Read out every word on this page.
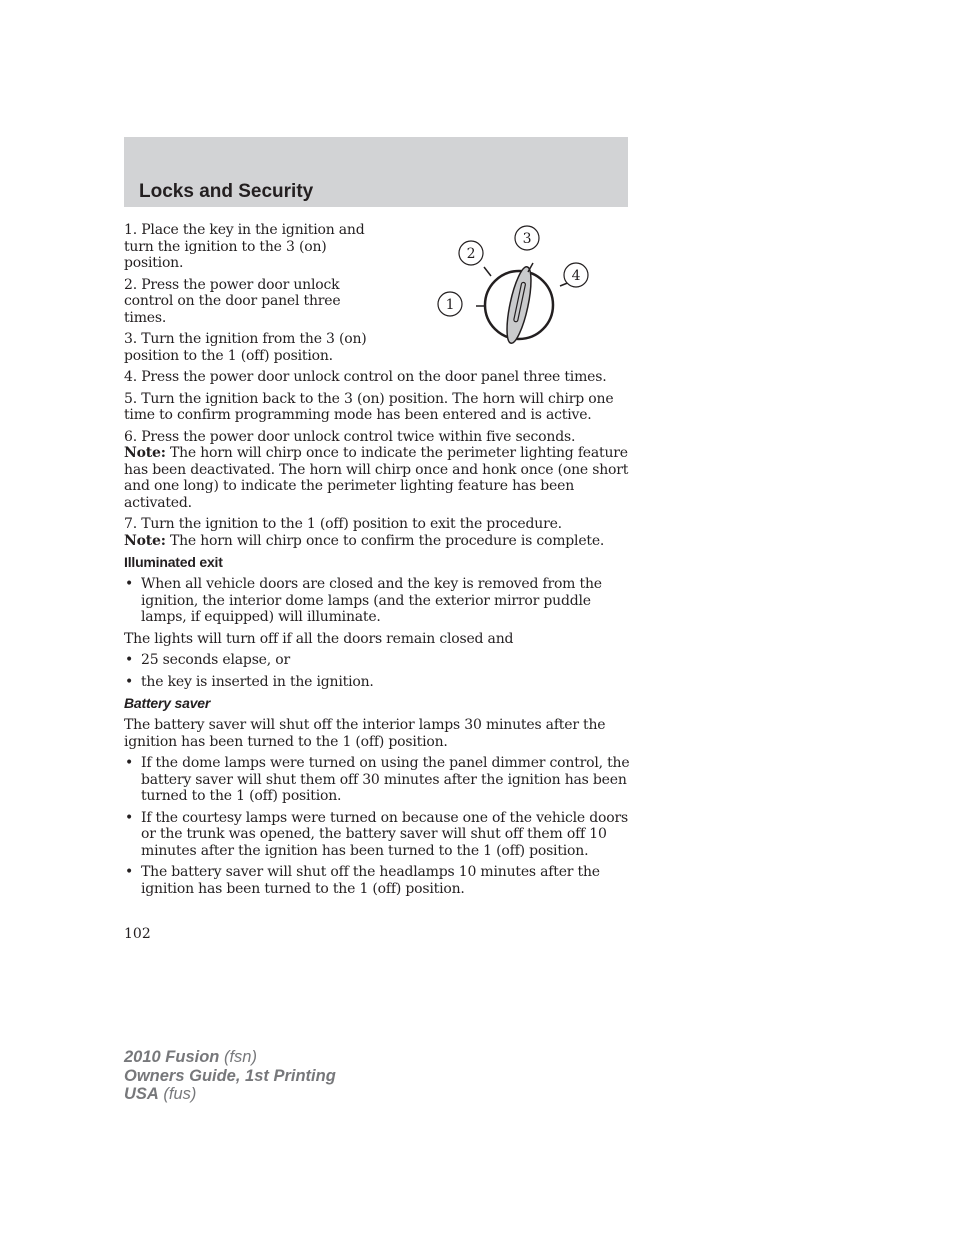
Locks and Security
1
2
3
4

1. Place the key in the ignition and turn the ignition to the 3 (on) position.

2. Press the power door unlock control on the door panel three times.

3. Turn the ignition from the 3 (on) position to the 1 (off) position.

4. Press the power door unlock control on the door panel three times.

5. Turn the ignition back to the 3 (on) position. The horn will chirp one time to confirm programming mode has been entered and is active.

6. Press the power door unlock control twice within five seconds.
Note: The horn will chirp once to indicate the perimeter lighting feature has been deactivated. The horn will chirp once and honk once (one short and one long) to indicate the perimeter lighting feature has been activated.

7. Turn the ignition to the 1 (off) position to exit the procedure.
Note: The horn will chirp once to confirm the procedure is complete.

Illuminated exit
• When all vehicle doors are closed and the key is removed from the ignition, the interior dome lamps (and the exterior mirror puddle lamps, if equipped) will illuminate.

The lights will turn off if all the doors remain closed and

• 25 seconds elapse, or
• the key is inserted in the ignition.
Battery saver

The battery saver will shut off the interior lamps 30 minutes after the ignition has been turned to the 1 (off) position.

• If the dome lamps were turned on using the panel dimmer control, the battery saver will shut them off 30 minutes after the ignition has been turned to the 1 (off) position.
• If the courtesy lamps were turned on because one of the vehicle doors or the trunk was opened, the battery saver will shut off them off 10 minutes after the ignition has been turned to the 1 (off) position.
• The battery saver will shut off the headlamps 10 minutes after the ignition has been turned to the 1 (off) position.
102
2010 Fusion (fsn)
Owners Guide, 1st Printing
USA (fus)
